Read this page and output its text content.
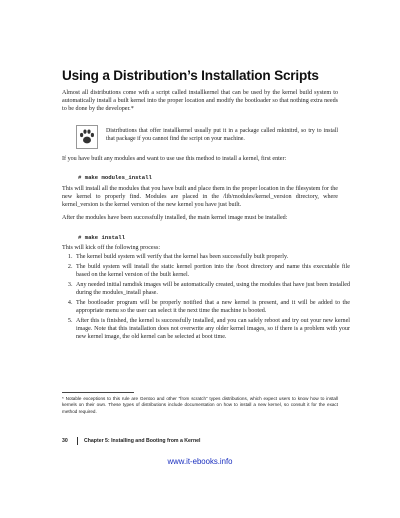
Using a Distribution’s Installation Scripts

Almost all distributions come with a script called installkernel that can be used by the kernel build system to automatically install a built kernel into the proper location and modify the bootloader so that nothing extra needs to be done by the developer.*

Distributions that offer installkernel usually put it in a package called mkinitrd, so try to install that package if you cannot find the script on your machine.

If you have built any modules and want to use use this method to install a kernel, first enter:

# make modules_install

This will install all the modules that you have built and place them in the proper location in the filesystem for the new kernel to properly find. Modules are placed in the /lib/modules/kernel_version directory, where kernel_version is the kernel version of the new kernel you have just built.

After the modules have been successfully installed, the main kernel image must be installed:

# make install

This will kick off the following process:

1. The kernel build system will verify that the kernel has been successfully built properly.
2. The build system will install the static kernel portion into the /boot directory and name this executable file based on the kernel version of the built kernel.
3. Any needed initial ramdisk images will be automatically created, using the modules that have just been installed during the modules_install phase.
4. The bootloader program will be properly notified that a new kernel is present, and it will be added to the appropriate menu so the user can select it the next time the machine is booted.
5. After this is finished, the kernel is successfully installed, and you can safely reboot and try out your new kernel image. Note that this installation does not overwrite any older kernel images, so if there is a problem with your new kernel image, the old kernel can be selected at boot time.

* Notable exceptions to this rule are Gentoo and other “from scratch” types distributions, which expect users to know how to install kernels on their own. These types of distributions include documentation on how to install a new kernel, so consult it for the exact method required.

30	Chapter 5: Installing and Booting from a Kernel
www.it-ebooks.info
